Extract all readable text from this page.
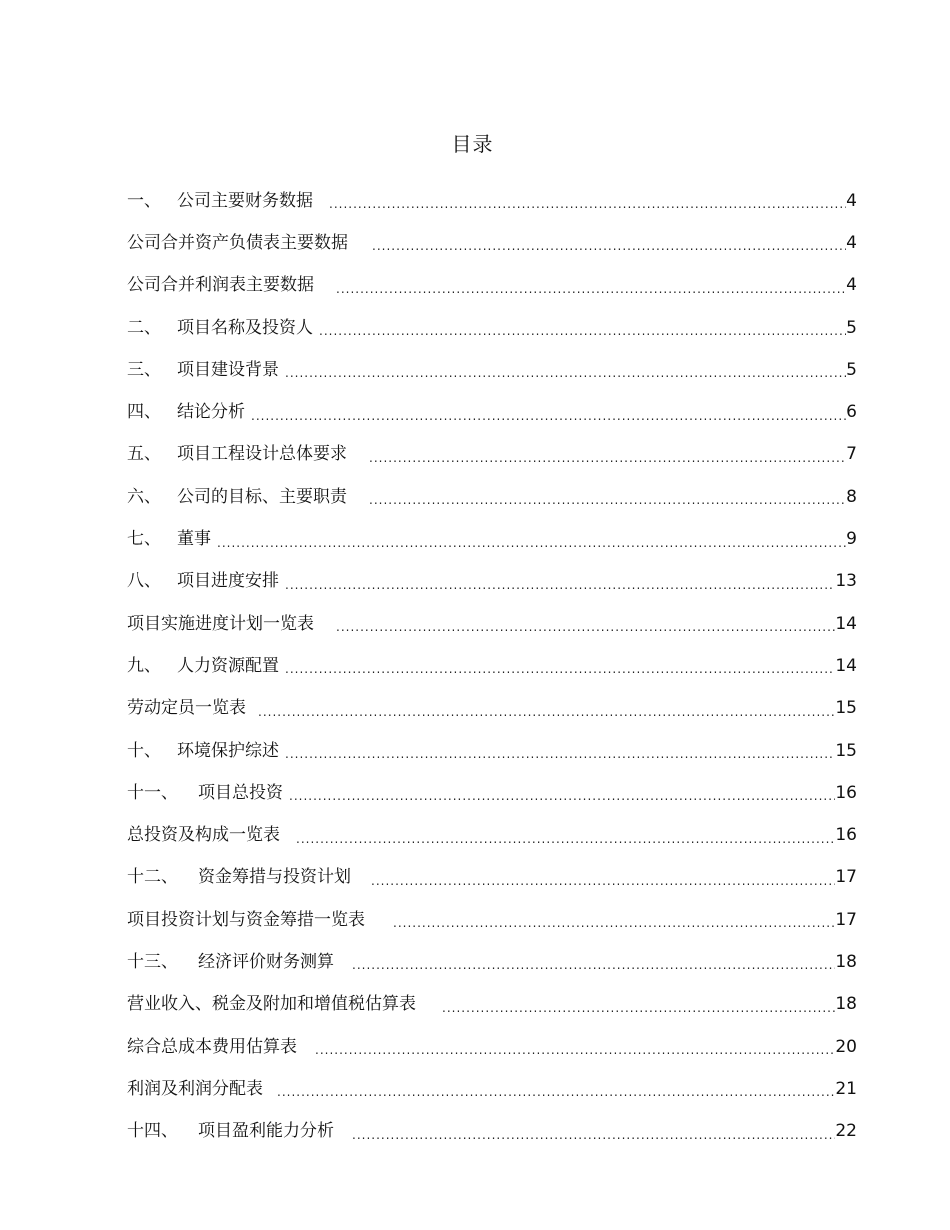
目录
一、 公司主要财务数据 .....	4
公司合并资产负债表主要数据 .....	4
公司合并利润表主要数据 .....	4
二、 项目名称及投资人 .....	5
三、 项目建设背景 .....	5
四、 结论分析 .....	6
五、 项目工程设计总体要求 .....	7
六、 公司的目标、主要职责 .....	8
七、 董事 .....	9
八、 项目进度安排 .....	13
项目实施进度计划一览表 .....	14
九、 人力资源配置 .....	14
劳动定员一览表 .....	15
十、 环境保护综述 .....	15
十一、	项目总投资 .....	16
总投资及构成一览表 .....	16
十二、	资金筹措与投资计划 .....	17
项目投资计划与资金筹措一览表 .....	17
十三、	经济评价财务测算 .....	18
营业收入、税金及附加和增值税估算表 .....	18
综合总成本费用估算表 .....	20
利润及利润分配表 .....	21
十四、	项目盈利能力分析 .....	22
